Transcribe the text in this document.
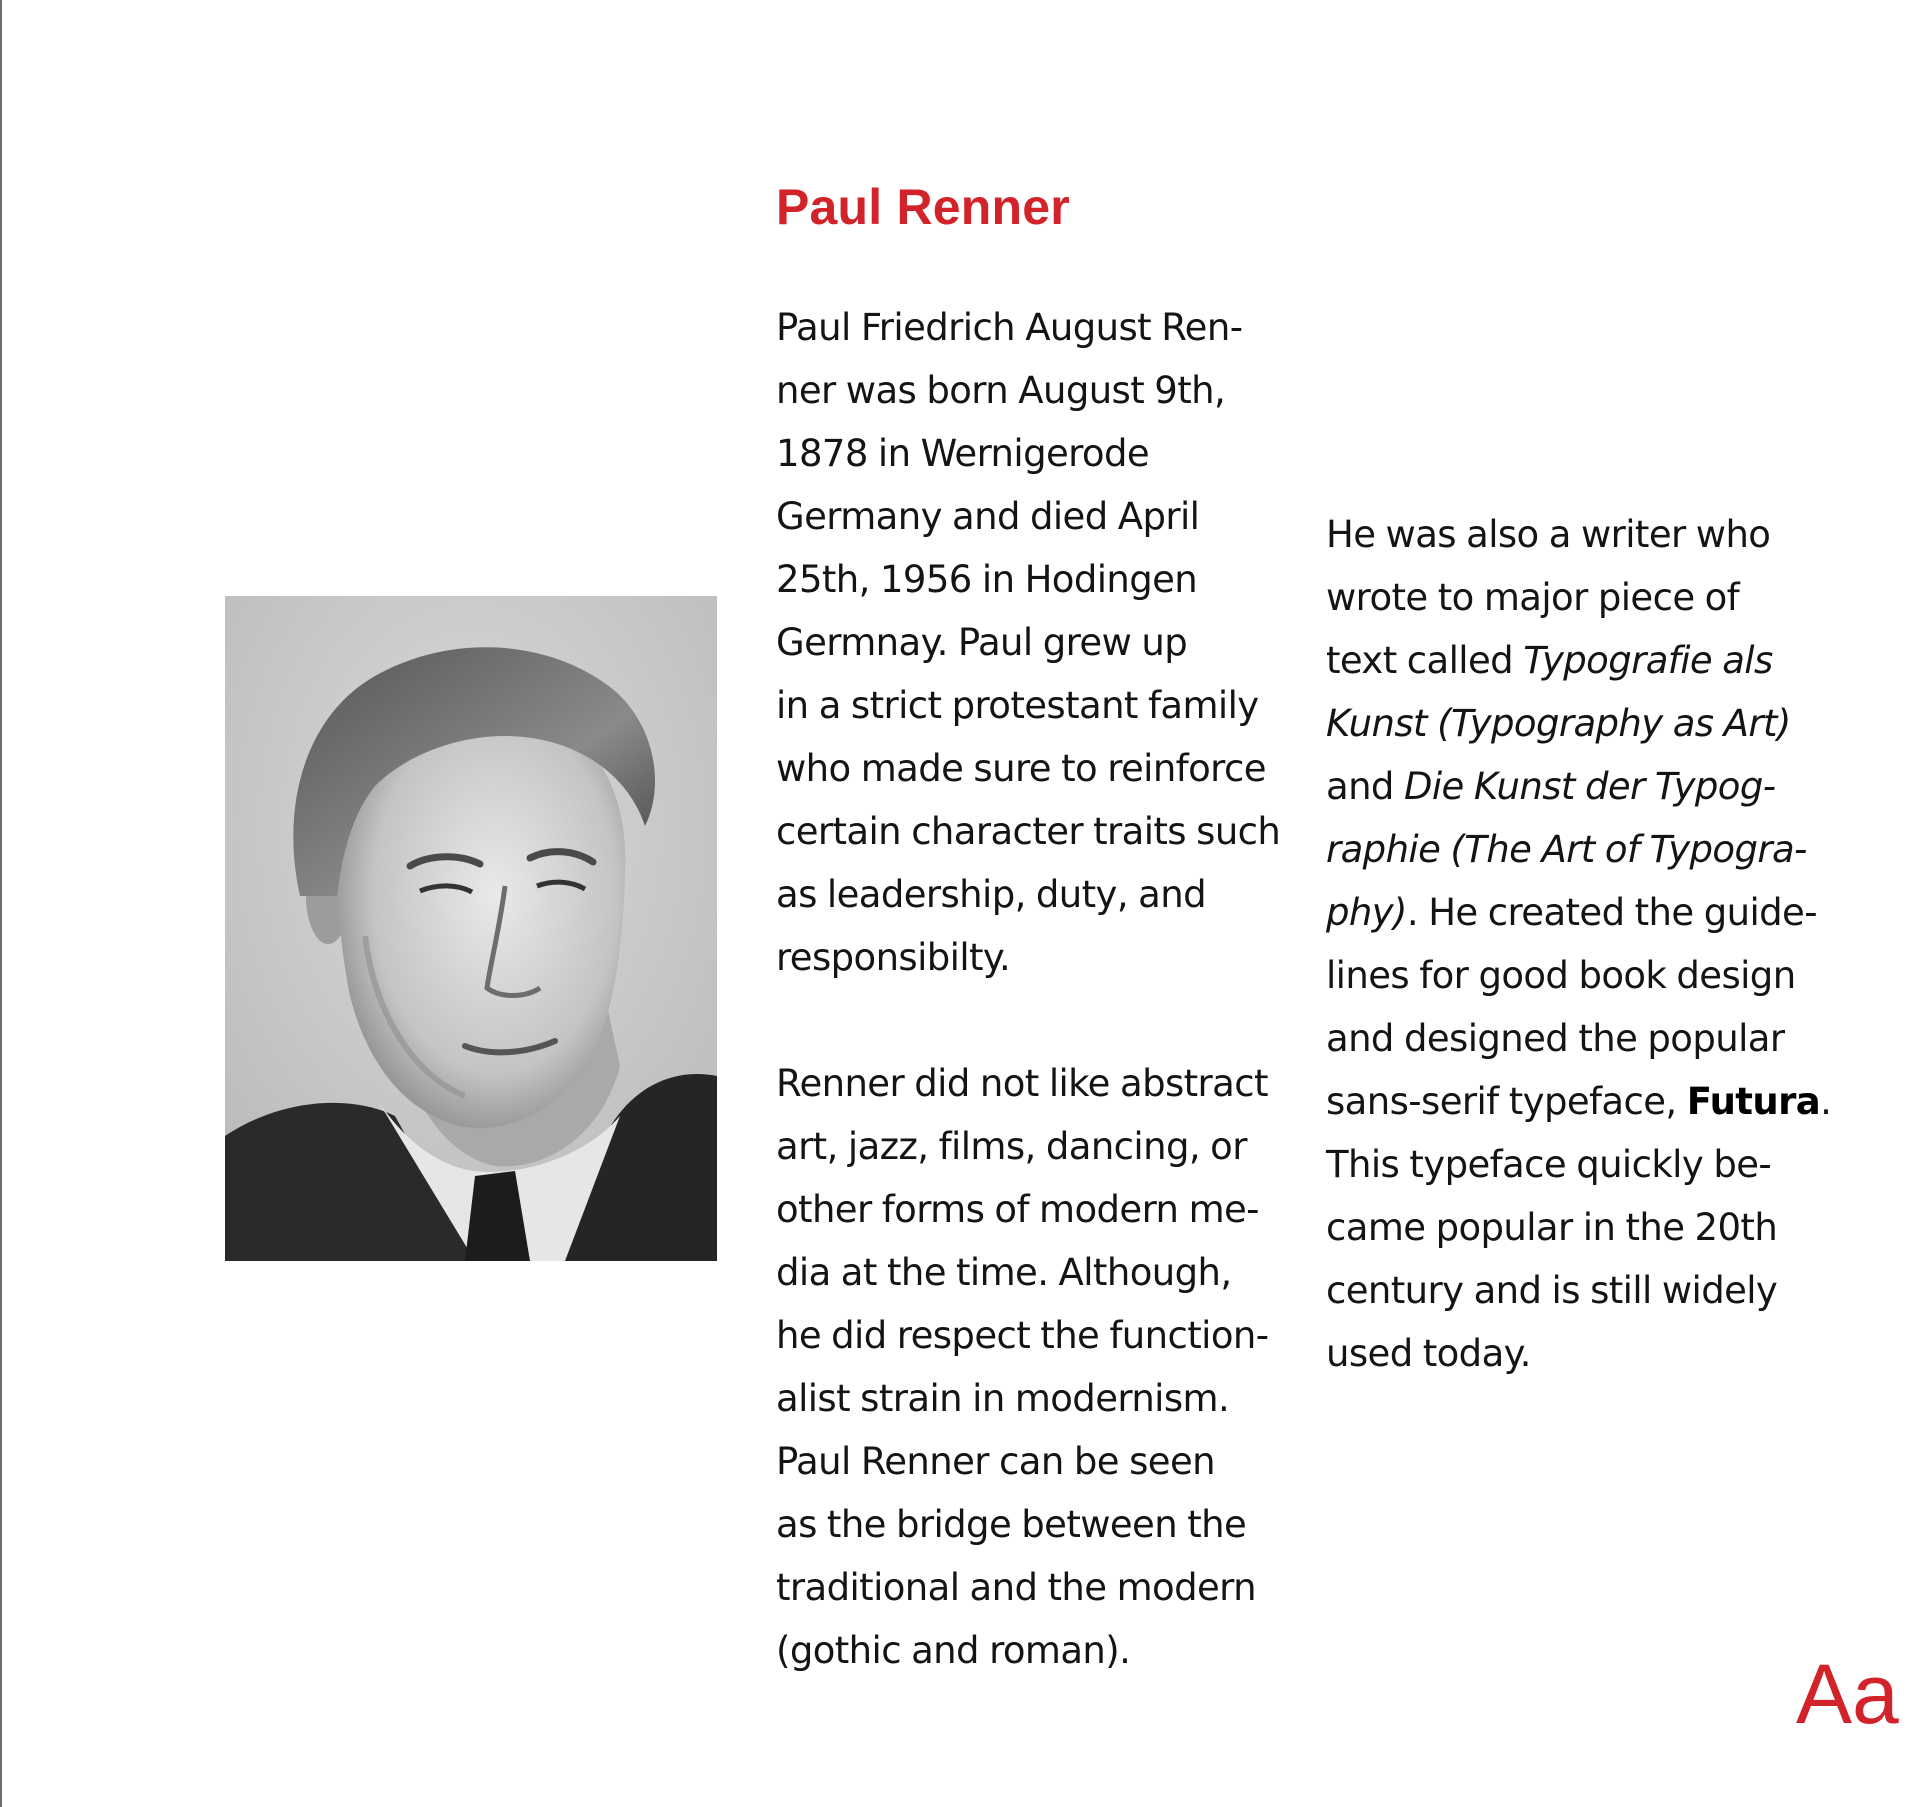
Paul Renner
Paul Friedrich August Ren-
ner was born August 9th,
1878 in Wernigerode
Germany and died April
25th, 1956 in Hodingen
Germnay. Paul grew up
in a strict protestant family
who made sure to reinforce
certain character traits such
as leadership, duty, and
responsibilty.
Renner did not like abstract
art, jazz, films, dancing, or
other forms of modern me-
dia at the time. Although,
he did respect the function-
alist strain in modernism.
Paul Renner can be seen
as the bridge between the
traditional and the modern
(gothic and roman).
He was also a writer who
wrote to major piece of
text called Typografie als
Kunst (Typography as Art)
and Die Kunst der Typog-
raphie (The Art of Typogra-
phy). He created the guide-
lines for good book design
and designed the popular
sans-serif typeface, Futura.
This typeface quickly be-
came popular in the 20th
century and is still widely
used today.
Aa
